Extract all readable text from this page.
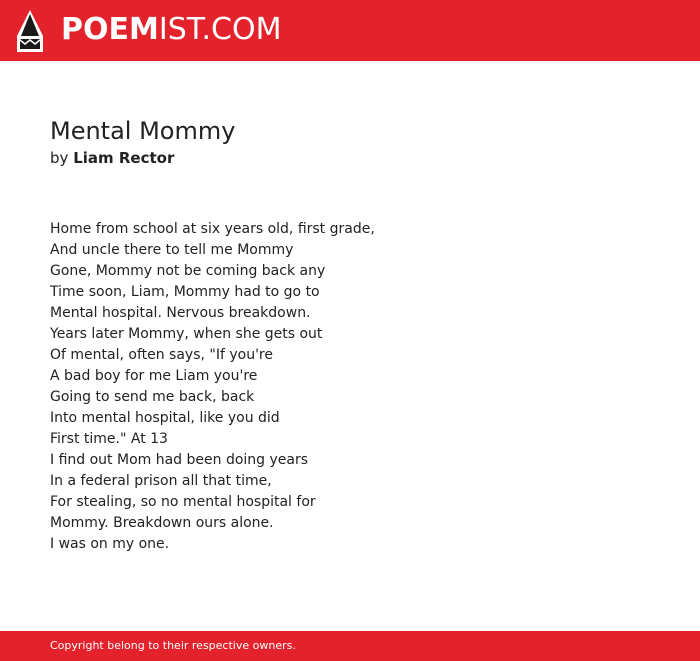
POEMIST.COM
Mental Mommy
by Liam Rector
Home from school at six years old, first grade,
And uncle there to tell me Mommy
Gone, Mommy not be coming back any
Time soon, Liam, Mommy had to go to
Mental hospital. Nervous breakdown.
Years later Mommy, when she gets out
Of mental, often says, "If you're
A bad boy for me Liam you're
Going to send me back, back
Into mental hospital, like you did
First time." At 13
I find out Mom had been doing years
In a federal prison all that time,
For stealing, so no mental hospital for
Mommy. Breakdown ours alone.
I was on my one.
Copyright belong to their respective owners.
